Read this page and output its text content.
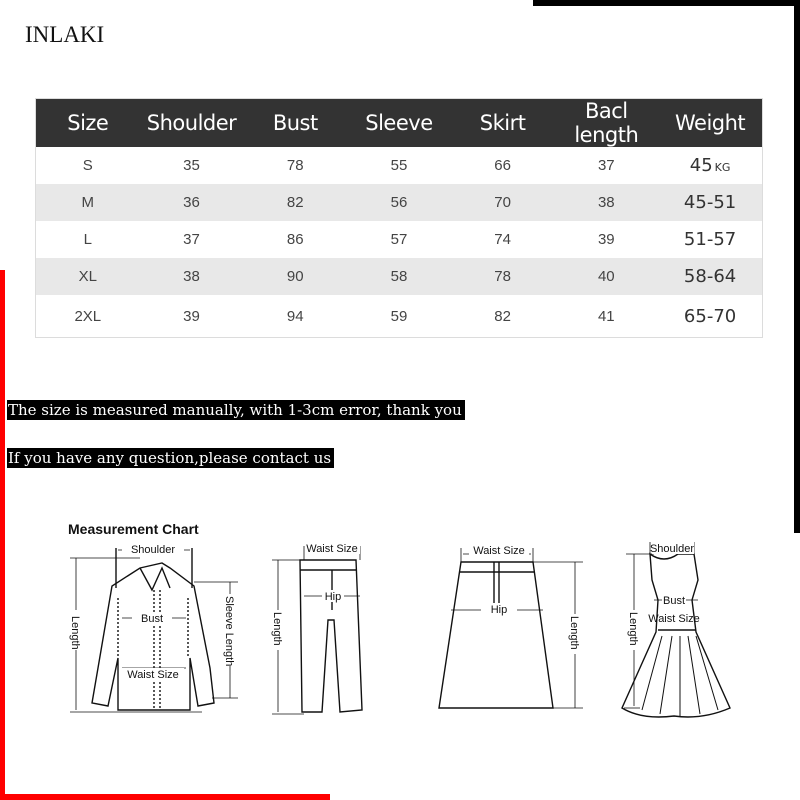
INLAKI
Size	Shoulder	Bust	Sleeve	Skirt	Bacl length	Weight
S	35	78	55	66	37	45 KG
M	36	82	56	70	38	45-51
L	37	86	57	74	39	51-57
XL	38	90	58	78	40	58-64
2XL	39	94	59	82	41	65-70
The size is measured manually, with 1-3cm error, thank you
If you have any question,please contact us
Measurement Chart
Bust
Shoulder
Waist Size
Length	Sleeve Length
Waist Size
Hip
Length
Waist Size
Hip
Length
Shoulder
Bust
Waist Size
Length
